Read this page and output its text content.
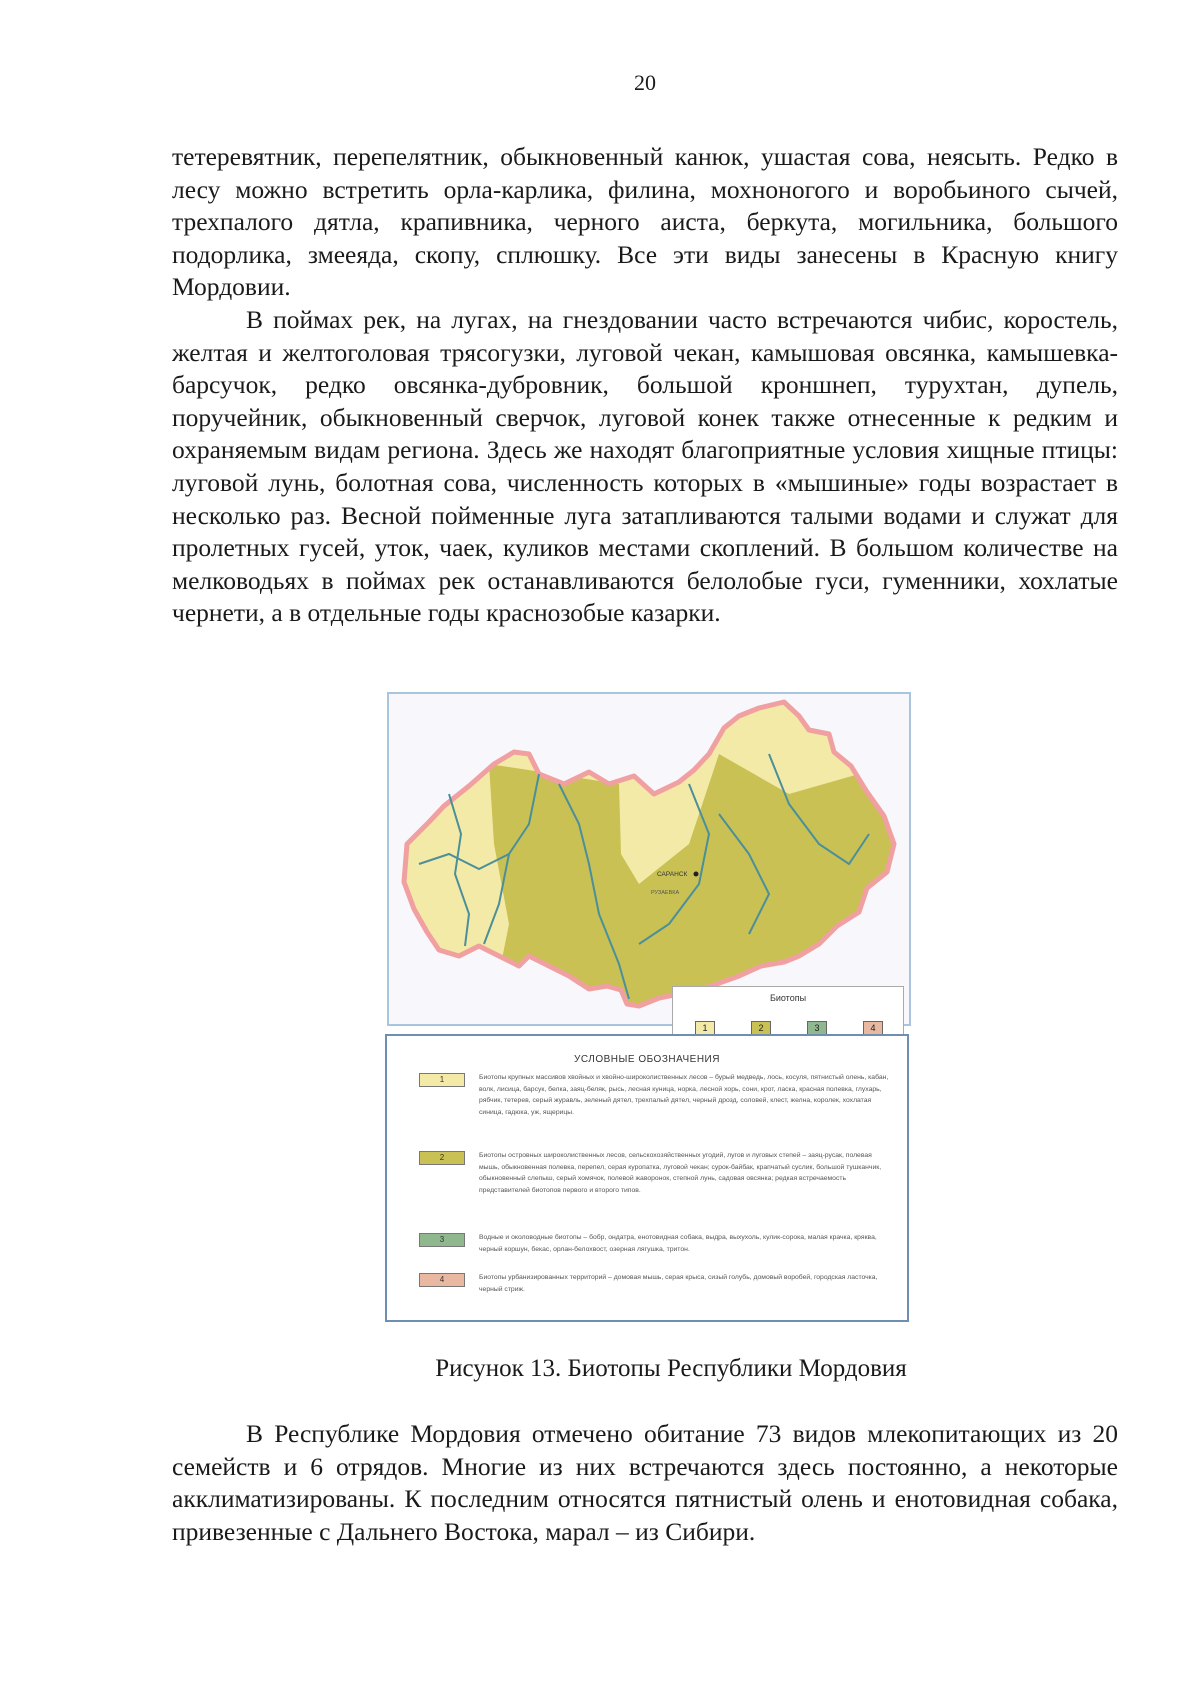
20

тетеревятник, перепелятник, обыкновенный канюк, ушастая сова, неясыть. Редко в лесу можно встретить орла-карлика, филина, мохноногого и воробьиного сычей, трехпалого дятла, крапивника, черного аиста, беркута, могильника, большого подорлика, змееяда, скопу, сплюшку. Все эти виды занесены в Красную книгу Мордовии.

В поймах рек, на лугах, на гнездовании часто встречаются чибис, коростель, желтая и желтоголовая трясогузки, луговой чекан, камышовая овсянка, камышевка-барсучок, редко овсянка-дубровник, большой кроншнеп, турухтан, дупель, поручейник, обыкновенный сверчок, луговой конек также отнесенные к редким и охраняемым видам региона. Здесь же находят благоприятные условия хищные птицы: луговой лунь, болотная сова, численность которых в «мышиные» годы возрастает в несколько раз. Весной пойменные луга затапливаются талыми водами и служат для пролетных гусей, уток, чаек, куликов местами скоплений. В большом количестве на мелководьях в поймах рек останавливаются белолобые гуси, гуменники, хохлатые чернети, а в отдельные годы краснозобые казарки.

САРАНСК
РУЗАЕВКА
Биотопы
1	2	3	4
УСЛОВНЫЕ ОБОЗНАЧЕНИЯ
1	Биотопы крупных массивов хвойных и хвойно-широколиственных лесов – бурый медведь, лось, косуля, пятнистый олень, кабан, волк, лисица, барсук, белка, заяц-беляк, рысь, лесная куница, норка, лесной хорь, сони, крот, ласка, красная полевка, глухарь, рябчик, тетерев, серый журавль, зеленый дятел, трехпалый дятел, черный дрозд, соловей, клест, желна, королек, хохлатая синица, гадюка, уж, ящерицы.
2	Биотопы островных широколиственных лесов, сельскохозяйственных угодий, лугов и луговых степей – заяц-русак, полевая мышь, обыкновенная полевка, перепел, серая куропатка, луговой чекан; сурок-байбак, крапчатый суслик, большой тушканчик, обыкновенный слепыш, серый хомячок, полевой жаворонок, степной лунь, садовая овсянка; редкая встречаемость представителей биотопов первого и второго типов.
3	Водные и околоводные биотопы – бобр, ондатра, енотовидная собака, выдра, выхухоль, кулик-сорока, малая крачка, кряква, черный коршун, бекас, орлан-белохвост, озерная лягушка, тритон.
4	Биотопы урбанизированных территорий – домовая мышь, серая крыса, сизый голубь, домовый воробей, городская ласточка, черный стриж.
Рисунок 13. Биотопы Республики Мордовия

В Республике Мордовия отмечено обитание 73 видов млекопитающих из 20 семейств и 6 отрядов. Многие из них встречаются здесь постоянно, а некоторые акклиматизированы. К последним относятся пятнистый олень и енотовидная собака, привезенные с Дальнего Востока, марал – из Сибири.
